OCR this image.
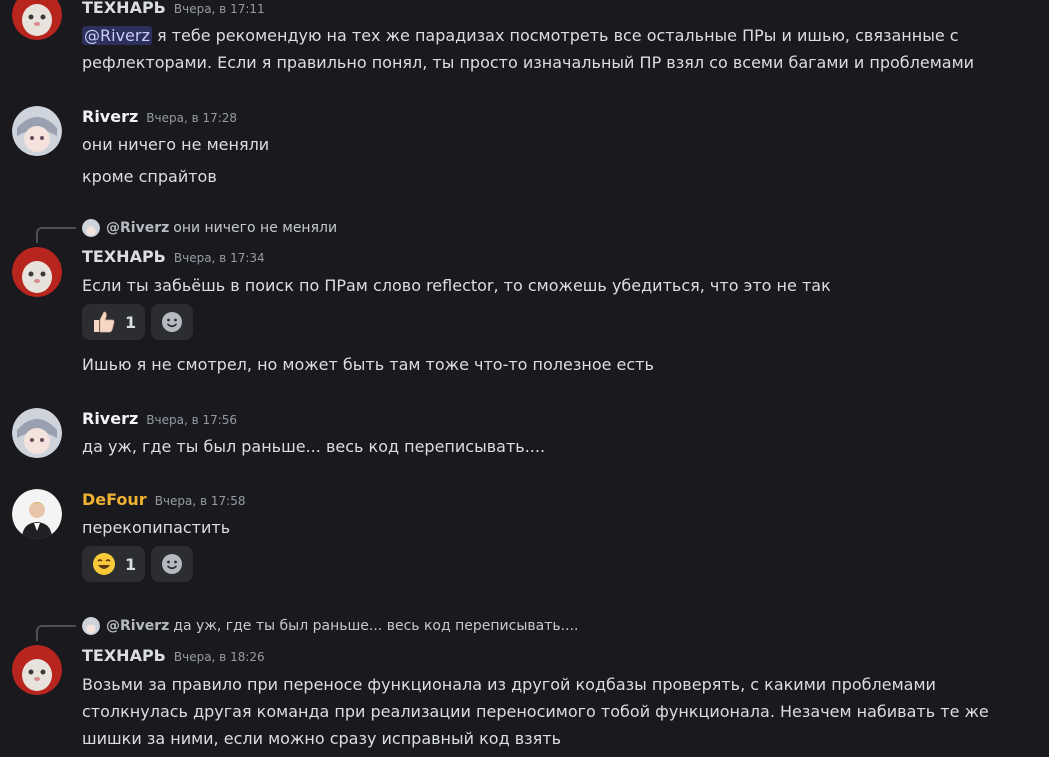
ТЕХНАРЬ Вчера, в 17:11
@Riverz я тебе рекомендую на тех же парадизах посмотреть все остальные ПРы и ишью, связанные с
рефлекторами. Если я правильно понял, ты просто изначальный ПР взял со всеми багами и проблемами
Riverz Вчера, в 17:28
они ничего не меняли
кроме спрайтов
@Riverz они ничего не меняли
ТЕХНАРЬ Вчера, в 17:34
Если ты забьёшь в поиск по ПРам слово reflector, то сможешь убедиться, что это не так
1
Ишью я не смотрел, но может быть там тоже что-то полезное есть
Riverz Вчера, в 17:56
да уж, где ты был раньше... весь код переписывать....
DeFour Вчера, в 17:58
перекопипастить
1
@Riverz да уж, где ты был раньше... весь код переписывать....
ТЕХНАРЬ Вчера, в 18:26
Возьми за правило при переносе функционала из другой кодбазы проверять, с какими проблемами
столкнулась другая команда при реализации переносимого тобой функционала. Незачем набивать те же
шишки за ними, если можно сразу исправный код взять
